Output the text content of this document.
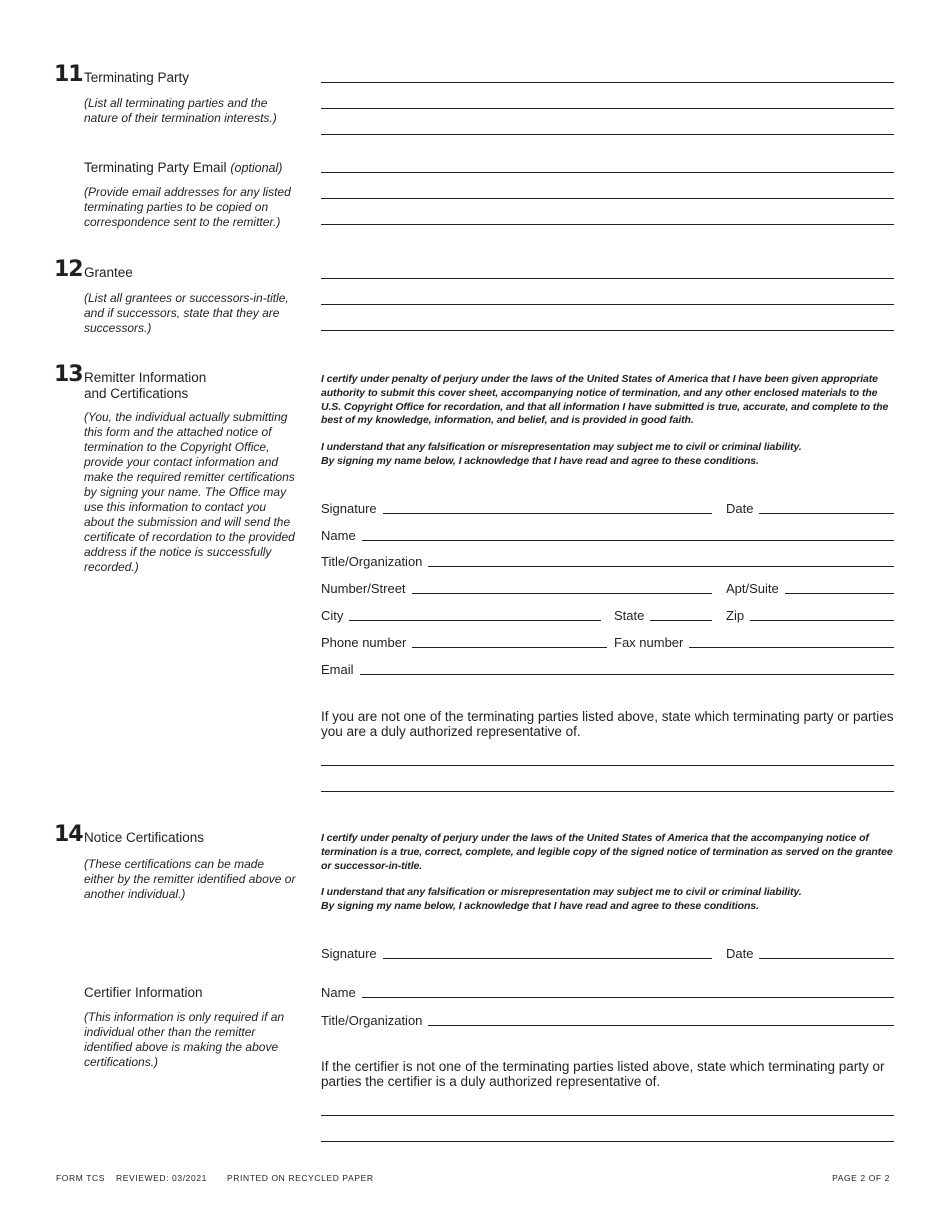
11 Terminating Party
(List all terminating parties and the nature of their termination interests.)
Terminating Party Email (optional)
(Provide email addresses for any listed terminating parties to be copied on correspondence sent to the remitter.)
12 Grantee
(List all grantees or successors-in-title, and if successors, state that they are successors.)
13 Remitter Information
and Certifications
(You, the individual actually submitting this form and the attached notice of termination to the Copyright Office, provide your contact information and make the required remitter certifications by signing your name. The Office may use this information to contact you about the submission and will send the certificate of recordation to the provided address if the notice is successfully recorded.)

I certify under penalty of perjury under the laws of the United States of America that I have been given appropriate authority to submit this cover sheet, accompanying notice of termination, and any other enclosed materials to the U.S. Copyright Office for recordation, and that all information I have submitted is true, accurate, and complete to the best of my knowledge, information, and belief, and is provided in good faith.

I understand that any falsification or misrepresentation may subject me to civil or criminal liability.
By signing my name below, I acknowledge that I have read and agree to these conditions.

Signature	Date
Name
Title/Organization
Number/Street	Apt/Suite
City	State	Zip
Phone number	Fax number
Email
If you are not one of the terminating parties listed above, state which terminating party or parties you are a duly authorized representative of.
14 Notice Certifications
(These certifications can be made either by the remitter identified above or another individual.)

I certify under penalty of perjury under the laws of the United States of America that the accompanying notice of termination is a true, correct, complete, and legible copy of the signed notice of termination as served on the grantee or successor-in-title.

I understand that any falsification or misrepresentation may subject me to civil or criminal liability.
By signing my name below, I acknowledge that I have read and agree to these conditions.

Signature	Date
Certifier Information
(This information is only required if an individual other than the remitter identified above is making the above certifications.)
Name
Title/Organization
If the certifier is not one of the terminating parties listed above, state which terminating party or parties the certifier is a duly authorized representative of.
FORM TCS REVIEWED: 03/2021 PRINTED ON RECYCLED PAPER	PAGE 2 OF 2
